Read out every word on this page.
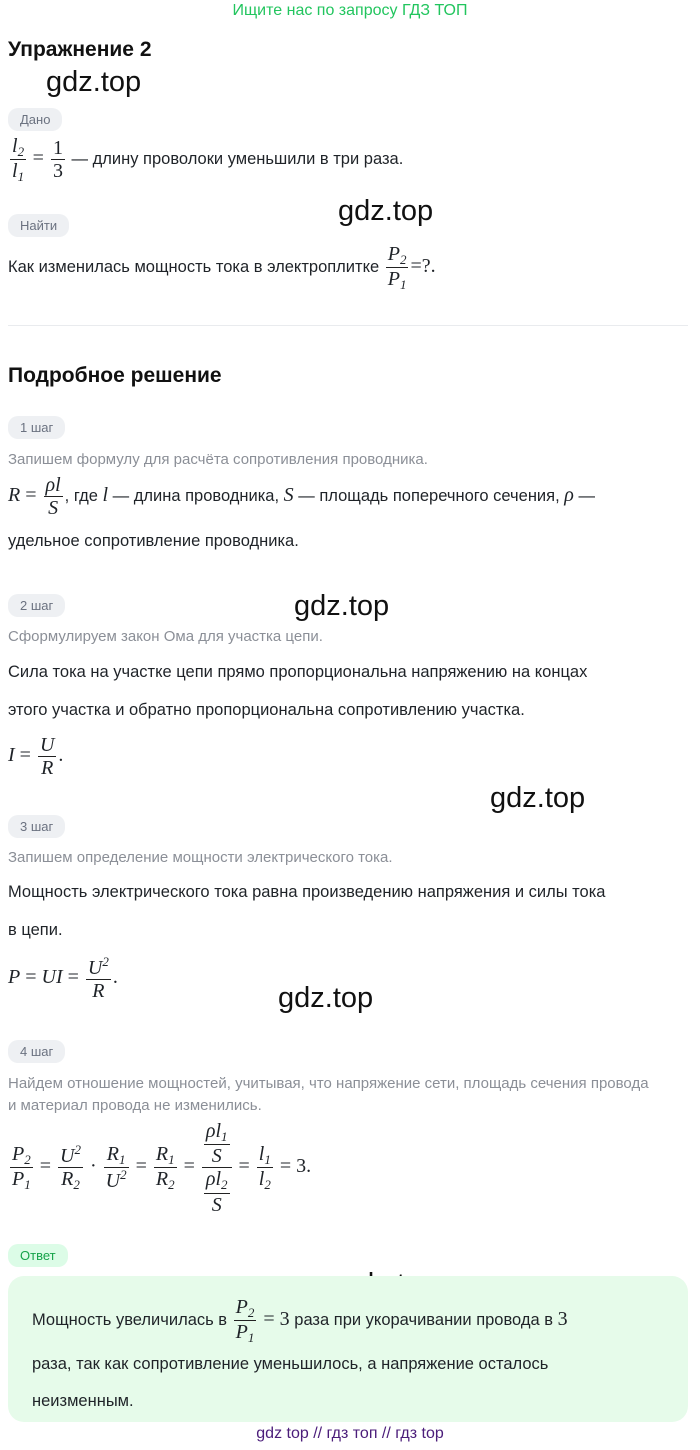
Ищите нас по запросу ГДЗ ТОП
Упражнение 2
gdz.top
gdz.top
gdz.top
gdz.top
gdz.top
Дано
$\frac{l_2}{l_1} = \frac{1}{3}$ — длину проволоки уменьшили в три раза.
Найти
Как изменилась мощность тока в электроплитке $\frac{P_2}{P_1}$ =?.
Подробное решение
1 шаг
Запишем формулу для расчёта сопротивления проводника.
$R = \frac{\rho l}{S}$ , где l — длина проводника, S — площадь поперечного сечения, ρ —
удельное сопротивление проводника.
2 шаг
Сформулируем закон Ома для участка цепи.
Сила тока на участке цепи прямо пропорциональна напряжению на концах
этого участка и обратно пропорциональна сопротивлению участка.
$I = \frac{U}{R}$ .
3 шаг
Запишем определение мощности электрического тока.
Мощность электрического тока равна произведению напряжения и силы тока
в цепи.
P = UI = $\frac{U^2}{R}$ .
4 шаг
Найдем отношение мощностей, учитывая, что напряжение сети, площадь сечения провода и материал провода не изменились.
$\frac{P_2}{P_1} = \frac{U^2}{R_2} \cdot \frac{R_1}{U^2} = \frac{R_1}{R_2} = \frac{\frac{\rho l_1}{S}}{\frac{\rho l_2}{S}} = \frac{l_1}{l_2} = 3$.
Ответ
Мощность увеличилась в $\frac{P_2}{P_1} = 3$ раза при укорачивании провода в 3
раза, так как сопротивление уменьшилось, а напряжение осталось
неизменным.
gdz top // гдз топ // гдз top
